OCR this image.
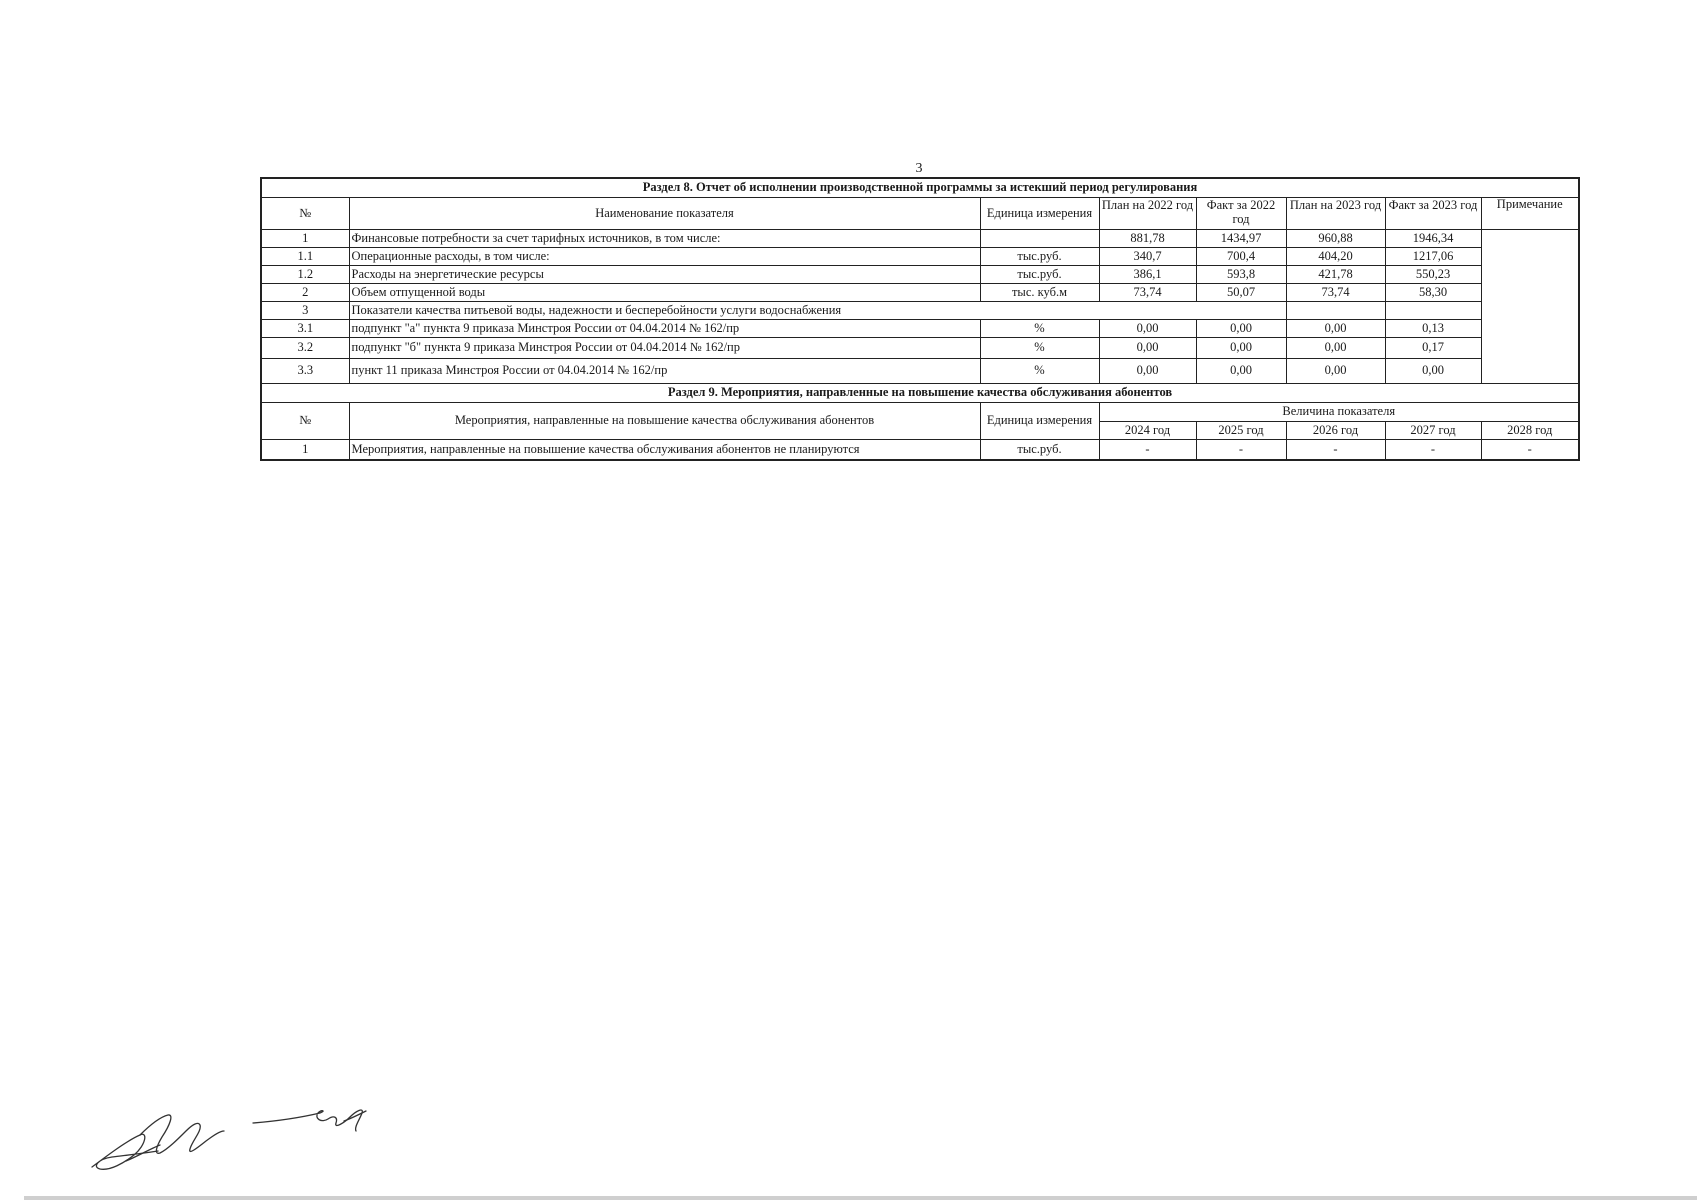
3
Раздел 8. Отчет об исполнении производственной программы за истекший период регулирования							
№	Наименование показателя	Единица измерения	План на 2022 год	Факт за 2022 год	План на 2023 год	Факт за 2023 год	Примечание
1	Финансовые потребности за счет тарифных источников, в том числе:		881,78	1434,97	960,88	1946,34	
1.1	Операционные расходы, в том числе:	тыс.руб.	340,7	700,4	404,20	1217,06	
1.2	Расходы на энергетические ресурсы	тыс.руб.	386,1	593,8	421,78	550,23	
2	Объем отпущенной воды	тыс. куб.м	73,74	50,07	73,74	58,30	
3	Показатели качества питьевой воды, надежности и бесперебойности услуги водоснабжения						
3.1	подпункт "а" пункта 9 приказа Минстроя России от 04.04.2014 № 162/пр	%	0,00	0,00	0,00	0,13	
3.2	подпункт "б" пункта 9 приказа Минстроя России от 04.04.2014 № 162/пр	%	0,00	0,00	0,00	0,17	
3.3	пункт 11 приказа Минстроя России от 04.04.2014 № 162/пр	%	0,00	0,00	0,00	0,00	
Раздел 9. Мероприятия, направленные на повышение качества обслуживания абонентов							
№	Мероприятия, направленные на повышение качества обслуживания абонентов	Единица измерения	Величина показателя				
			2024 год	2025 год	2026 год	2027 год	2028 год
1	Мероприятия, направленные на повышение качества обслуживания абонентов не планируются	тыс.руб.	-	-	-	-	-
